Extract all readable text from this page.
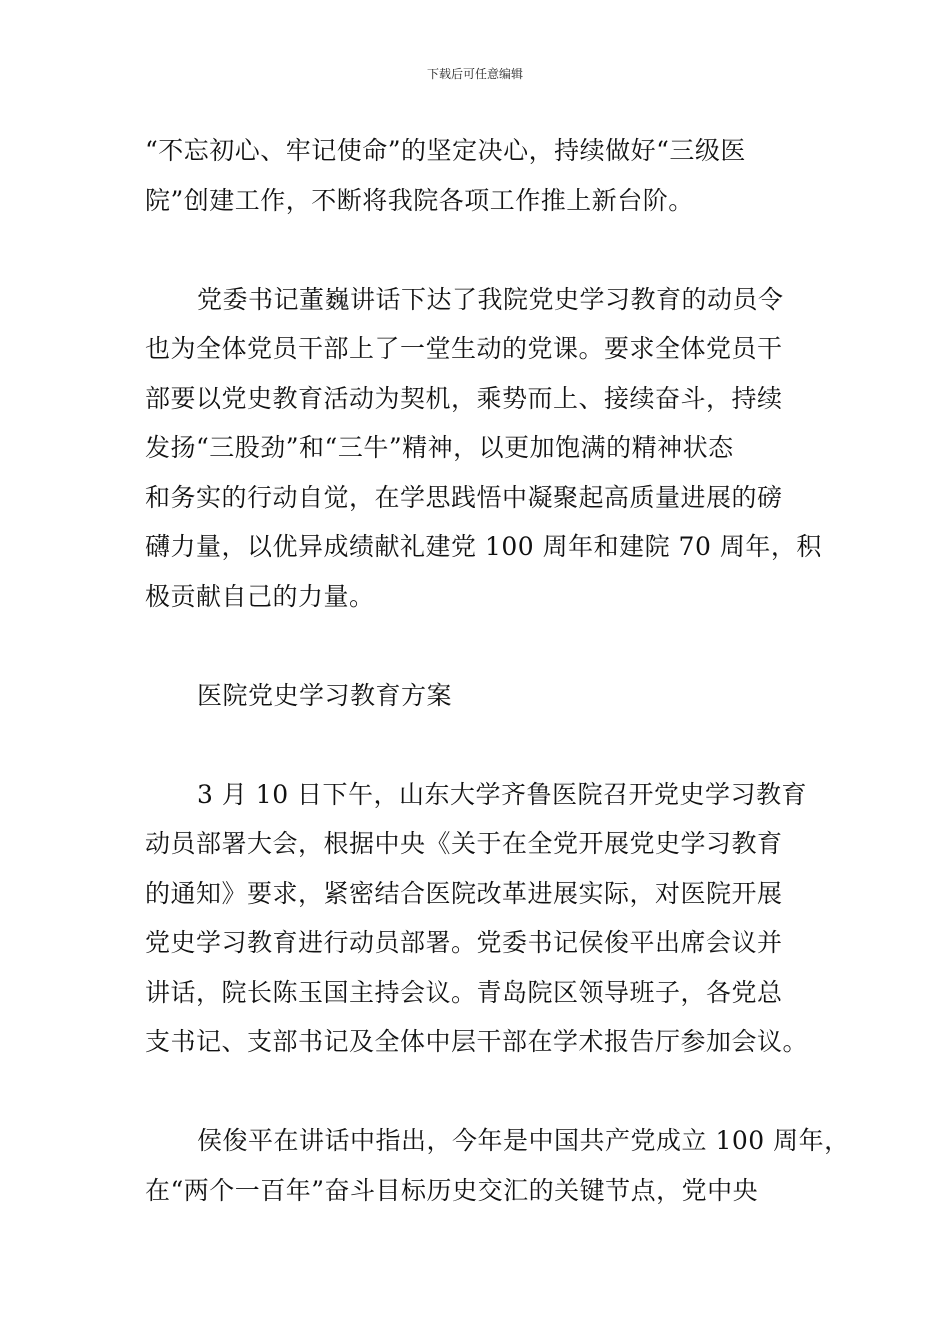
下载后可任意编辑
“不忘初心、牢记使命”的坚定决心，持续做好“三级医
院”创建工作，不断将我院各项工作推上新台阶。
党委书记董巍讲话下达了我院党史学习教育的动员令
也为全体党员干部上了一堂生动的党课。要求全体党员干
部要以党史教育活动为契机，乘势而上、接续奋斗，持续
发扬“三股劲”和“三牛”精神，以更加饱满的精神状态
和务实的行动自觉，在学思践悟中凝聚起高质量进展的磅
礴力量，以优异成绩献礼建党 100 周年和建院 70 周年，积
极贡献自己的力量。
医院党史学习教育方案
3 月 10 日下午，山东大学齐鲁医院召开党史学习教育
动员部署大会，根据中央《关于在全党开展党史学习教育
的通知》要求，紧密结合医院改革进展实际，对医院开展
党史学习教育进行动员部署。党委书记侯俊平出席会议并
讲话，院长陈玉国主持会议。青岛院区领导班子，各党总
支书记、支部书记及全体中层干部在学术报告厅参加会议。
侯俊平在讲话中指出，今年是中国共产党成立 100 周年，
在“两个一百年”奋斗目标历史交汇的关键节点，党中央
